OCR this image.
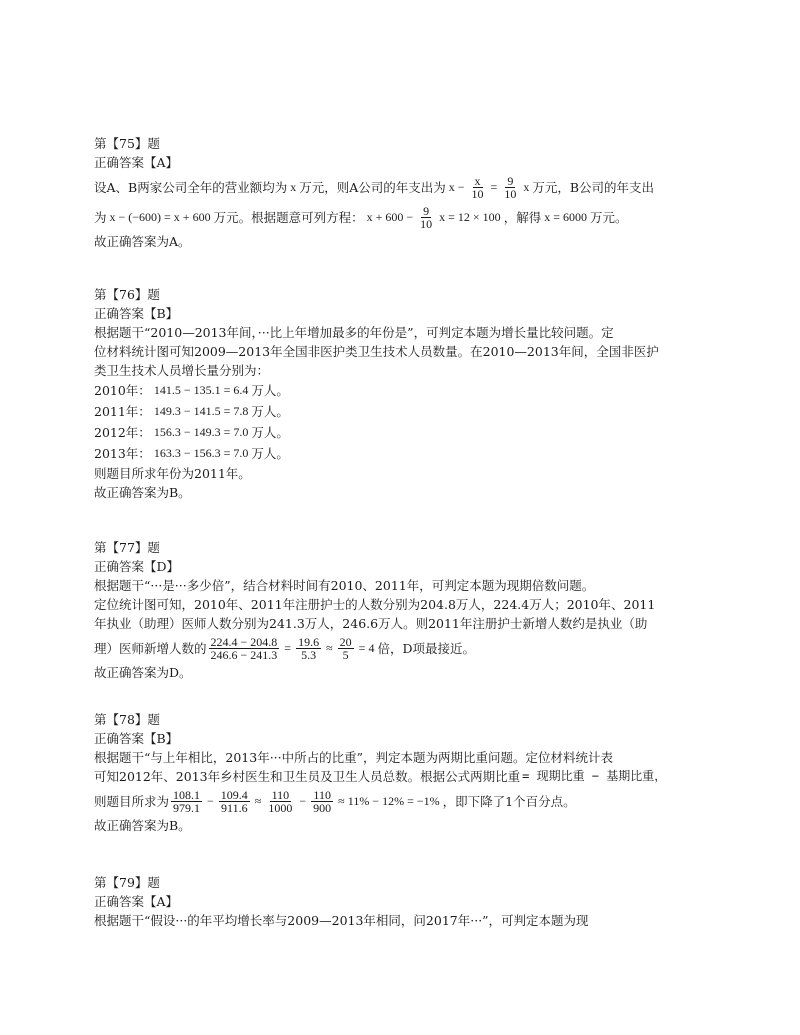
第【75】题
正确答案【A】
设A、B两家公司全年的营业额均为 x 万元，则A公司的年支出为 $x - \frac{x}{10} = \frac{9}{10}$ x 万元，B公司的年支出
为 x − (−600) = x + 600 万元。根据题意可列方程： $x + 600 - \frac{9}{10}$ x = 12 × 100 ，解得 x = 6000 万元。
故正确答案为A。
第【76】题
正确答案【B】
根据题干“2010—2013年间，···比上年增加最多的年份是”，可判定本题为增长量比较问题。定
位材料统计图可知2009—2013年全国非医护类卫生技术人员数量。在2010—2013年间，全国非医护
类卫生技术人员增长量分别为：
2010年： 141.5 − 135.1 = 6.4 万人。
2011年： 149.3 − 141.5 = 7.8 万人。
2012年： 156.3 − 149.3 = 7.0 万人。
2013年： 163.3 − 156.3 = 7.0 万人。
则题目所求年份为2011年。
故正确答案为B。
第【77】题
正确答案【D】
根据题干“···是···多少倍”，结合材料时间有2010、2011年，可判定本题为现期倍数问题。
定位统计图可知，2010年、2011年注册护士的人数分别为204.8万人，224.4万人；2010年、2011
年执业（助理）医师人数分别为241.3万人，246.6万人。则2011年注册护士新增人数约是执业（助
理）医师新增人数的 $\frac{224.4 - 204.8}{246.6 - 241.3} = \frac{19.6}{5.3} \approx \frac{20}{5} = 4$ 倍，D项最接近。
故正确答案为D。
第【78】题
正确答案【B】
根据题干“与上年相比，2013年···中所占的比重”，判定本题为两期比重问题。定位材料统计表
可知2012年、2013年乡村医生和卫生员及卫生人员总数。根据公式两期比重 = 现期比重 − 基期比重，
则题目所求为 $\frac{108.1}{979.1} - \frac{109.4}{911.6} \approx \frac{110}{1000} - \frac{110}{900} \approx 11\% - 12\% = -1\%$ ，即下降了1个百分点。
故正确答案为B。
第【79】题
正确答案【A】
根据题干“假设···的年平均增长率与2009—2013年相同，问2017年···”，可判定本题为现
